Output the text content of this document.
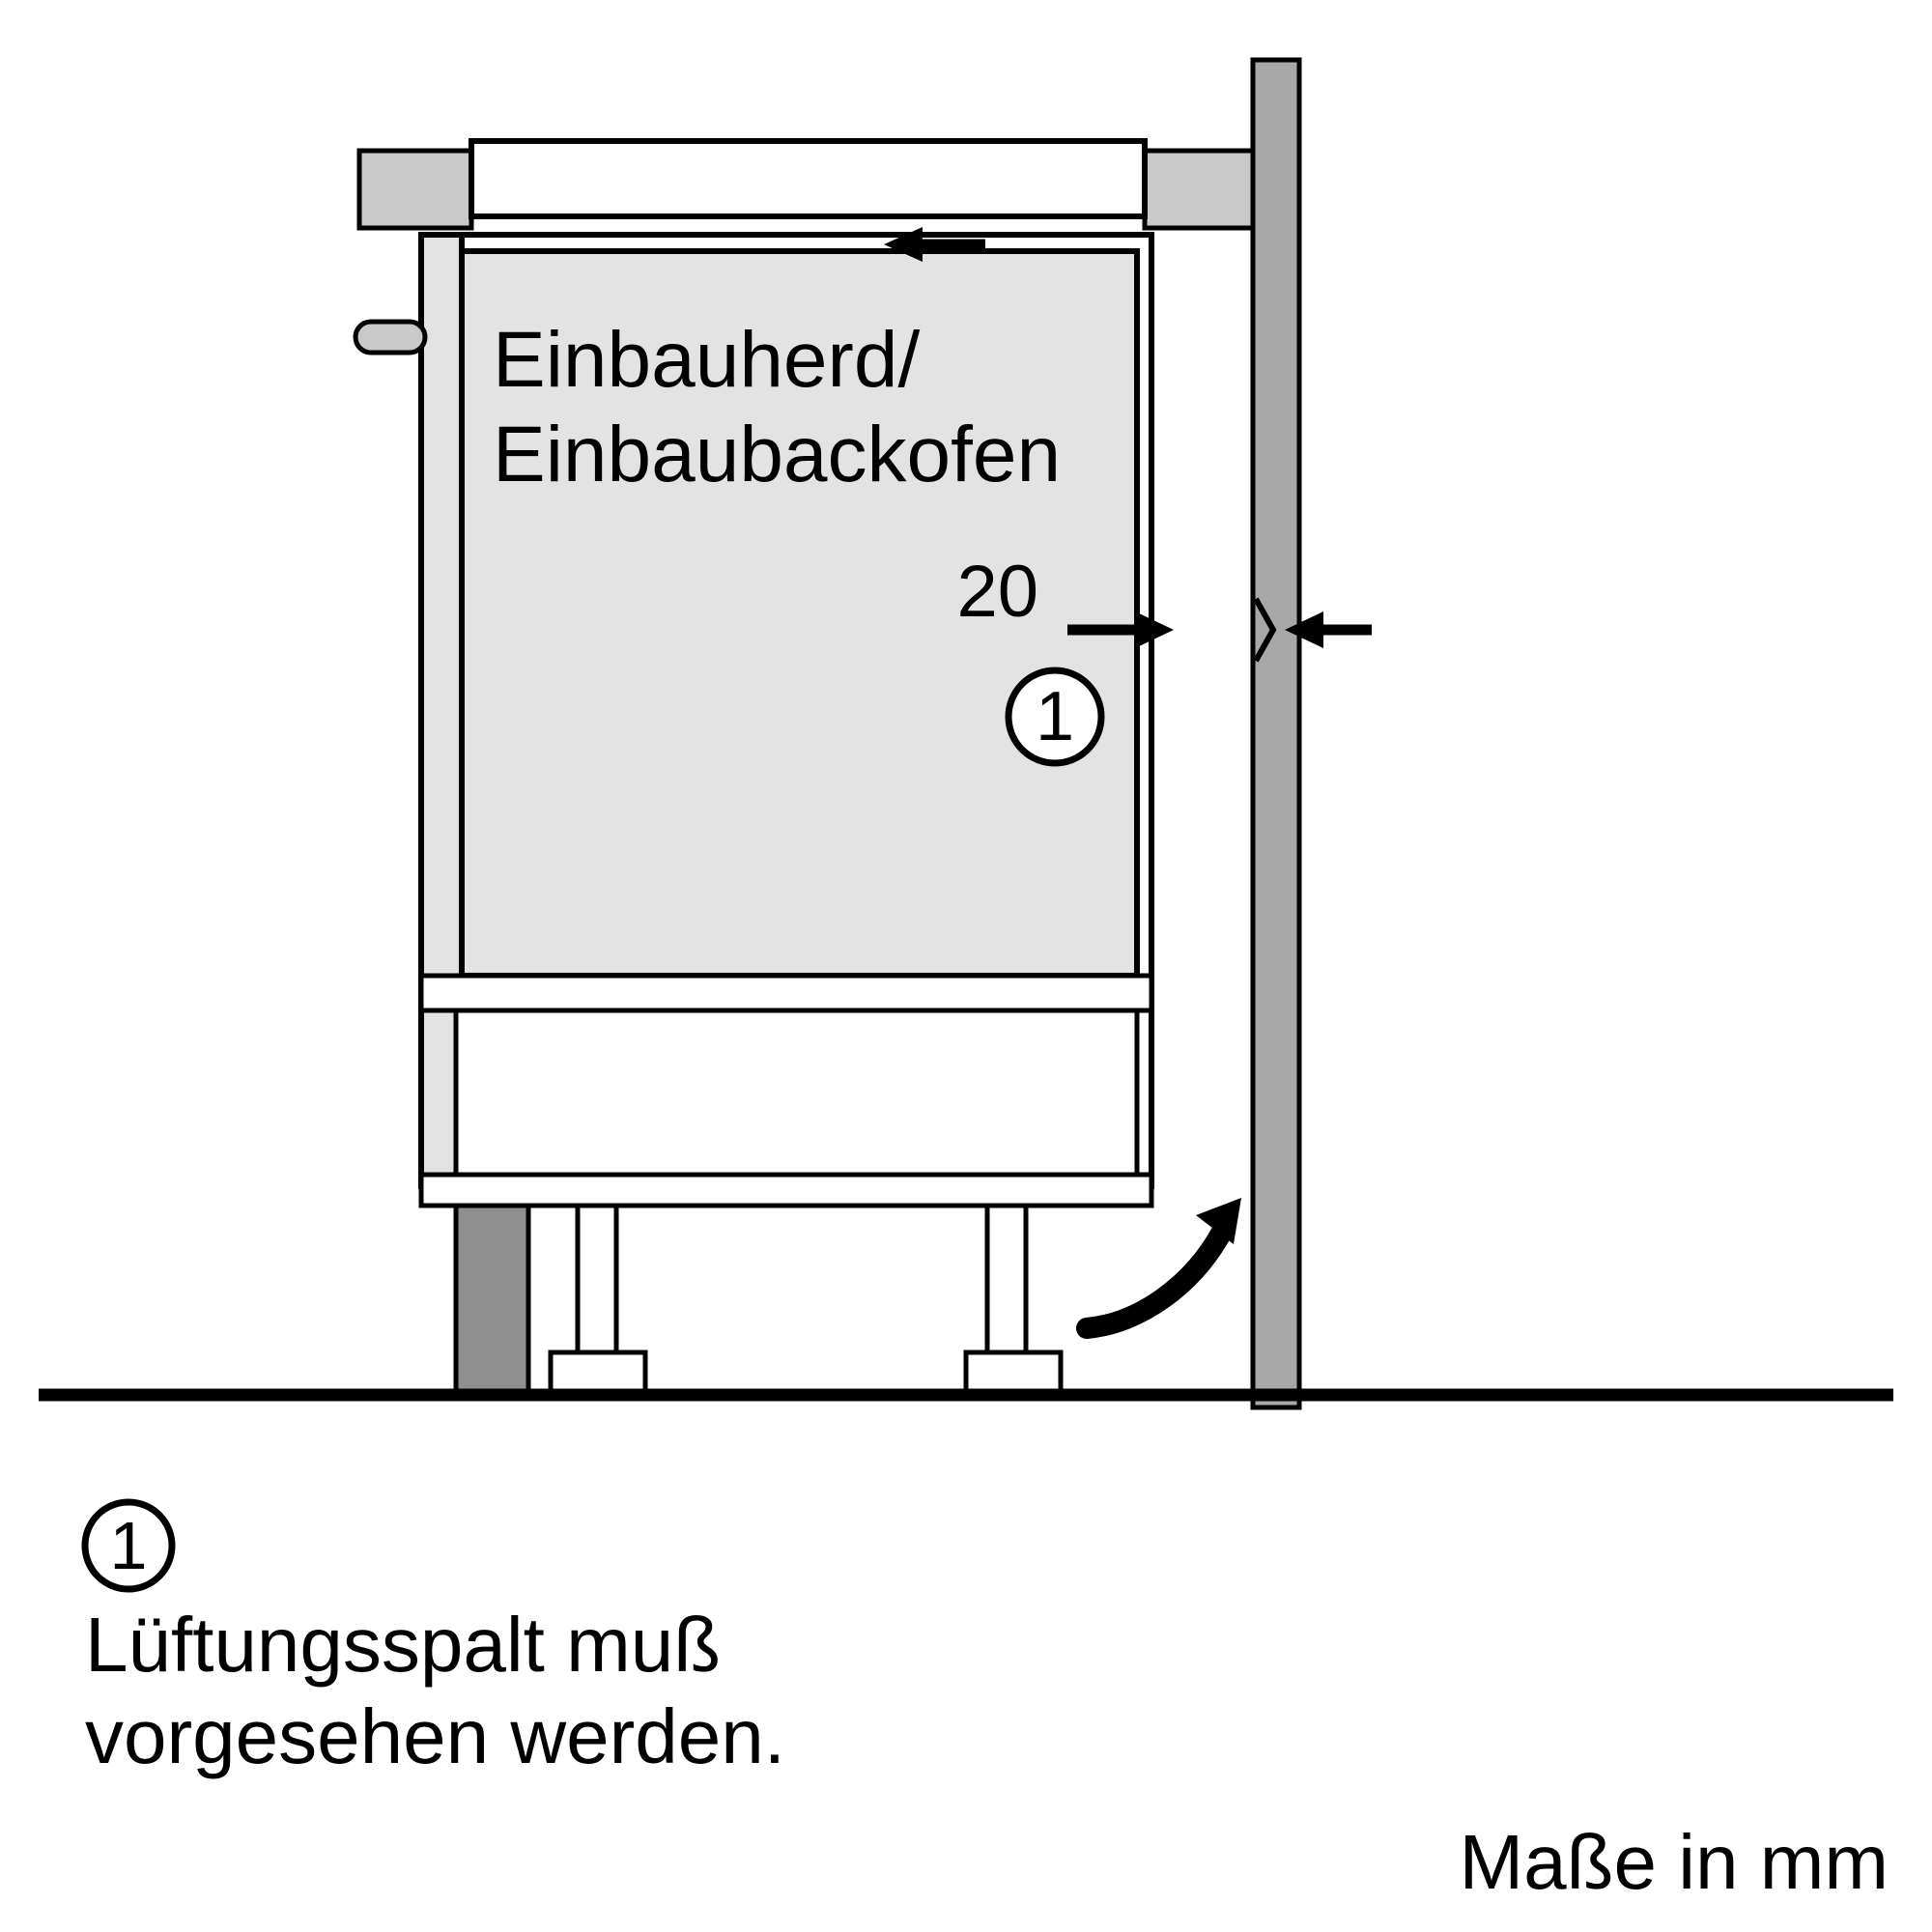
1
1
Einbauherd/
Einbaubackofen
20
Lüftungsspalt muß
vorgesehen werden.
Maße in mm
